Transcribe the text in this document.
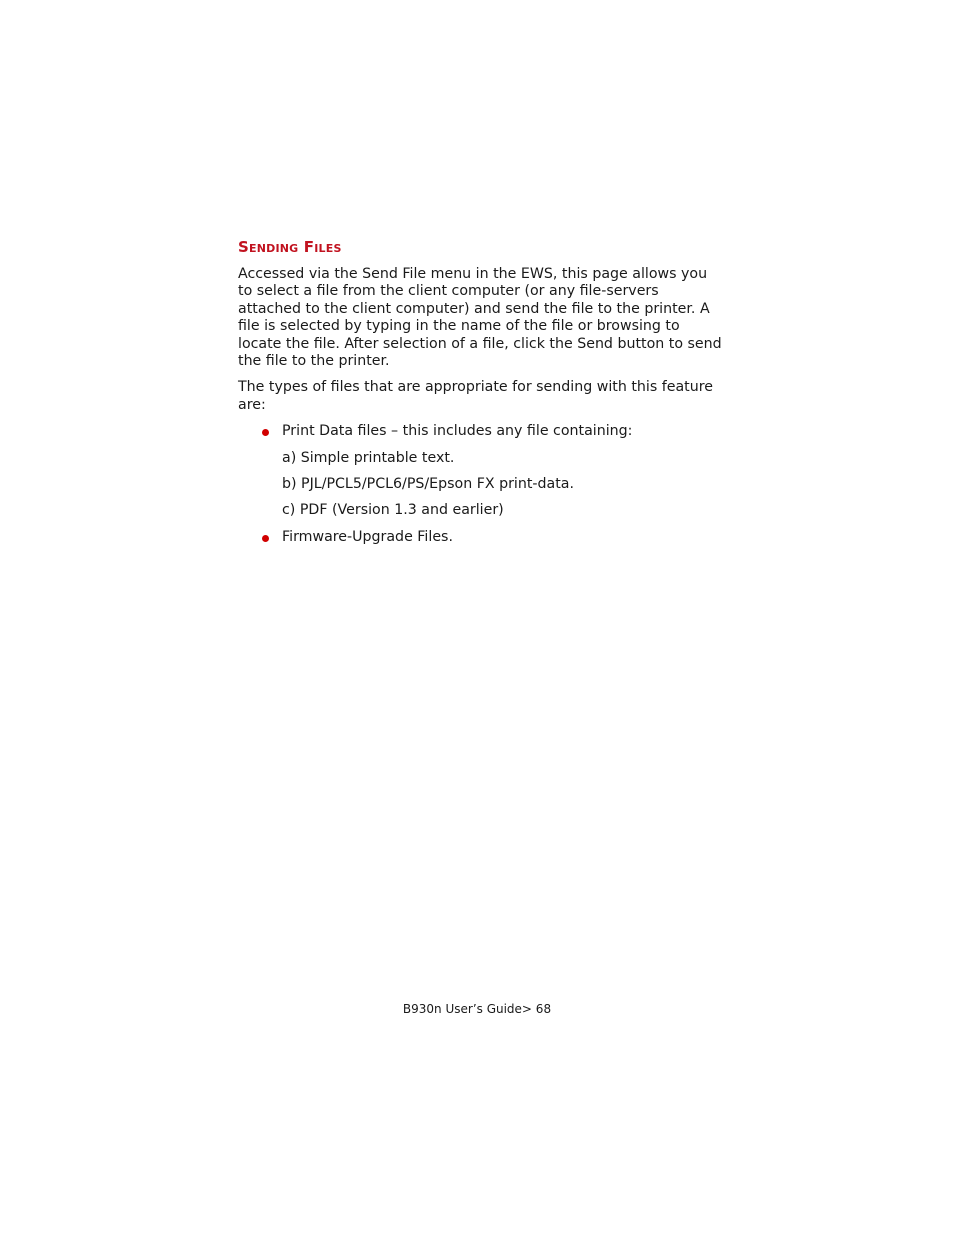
Sending Files

Accessed via the Send File menu in the EWS, this page allows you to select a file from the client computer (or any file-servers attached to the client computer) and send the file to the printer. A file is selected by typing in the name of the file or browsing to locate the file. After selection of a file, click the Send button to send the file to the printer.

The types of files that are appropriate for sending with this feature are:

Print Data files – this includes any file containing:
a) Simple printable text.
b) PJL/PCL5/PCL6/PS/Epson FX print-data.
c) PDF (Version 1.3 and earlier)
Firmware-Upgrade Files.
B930n User’s Guide> 68
